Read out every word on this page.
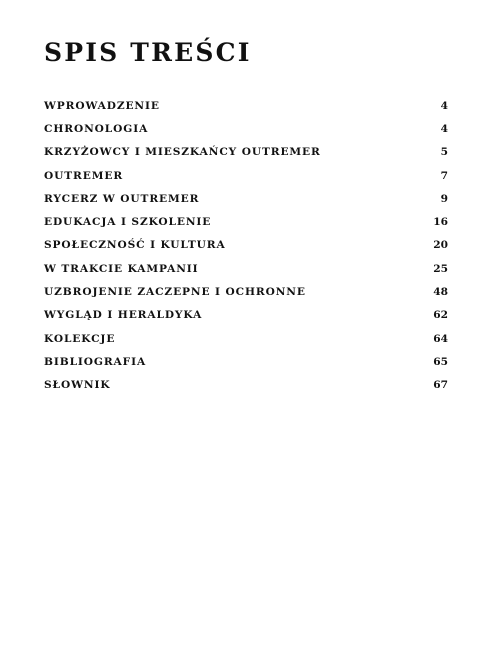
SPIS TREŚCI
WPROWADZENIE	4
CHRONOLOGIA	4
KRZYŻOWCY I MIESZKAŃCY OUTREMER	5
OUTREMER	7
RYCERZ W OUTREMER	9
EDUKACJA I SZKOLENIE	16
SPOŁECZNOŚĆ I KULTURA	20
W TRAKCIE KAMPANII	25
UZBROJENIE ZACZEPNE I OCHRONNE	48
WYGLĄD I HERALDYKA	62
KOLEKCJE	64
BIBLIOGRAFIA	65
SŁOWNIK	67
